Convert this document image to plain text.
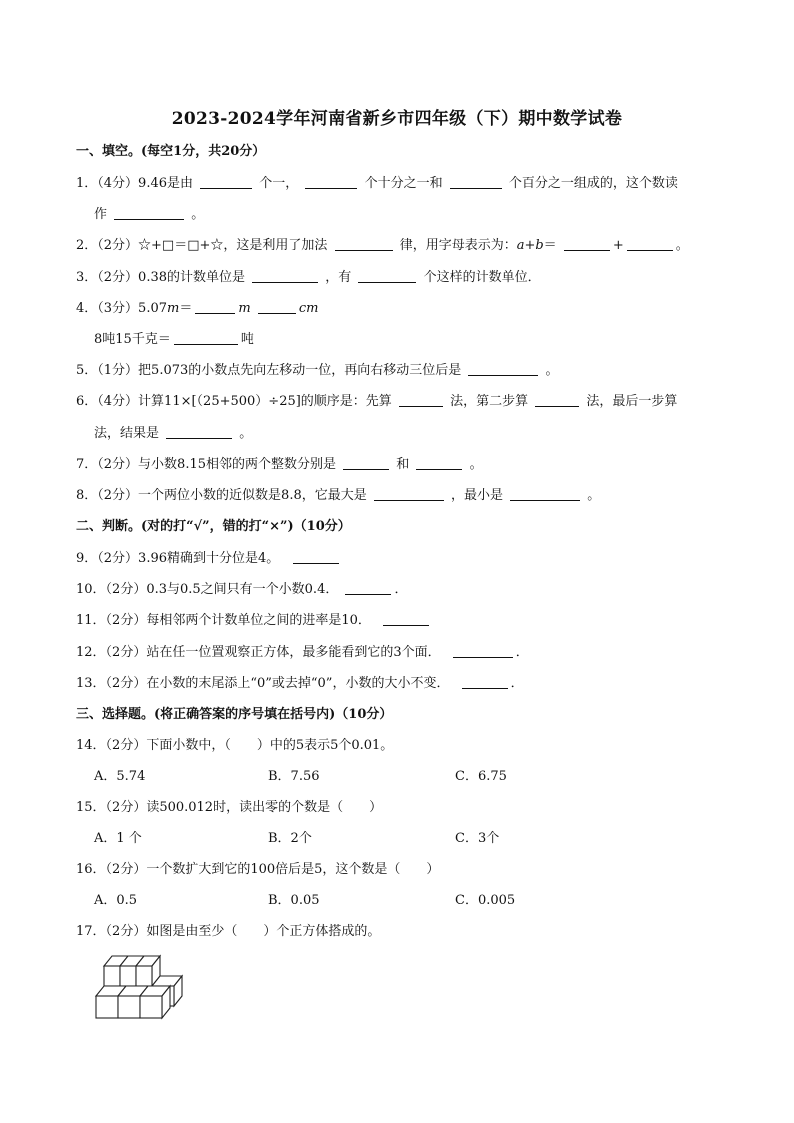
2023-2024学年河南省新乡市四年级（下）期中数学试卷
一、填空。(每空1分，共20分）
1．（4分）9.46是由	个一，	个十分之一和	个百分之一组成的，这个数读
作	。
2．（2分）☆+□＝□+☆，这是利用了加法	律，用字母表示为：a+b＝	+	。
3．（2分）0.38的计数单位是	，有	个这样的计数单位．
4．（3分）5.07m＝	m	cm
8吨15千克＝	吨
5．（1分）把5.073的小数点先向左移动一位，再向右移动三位后是	。
6．（4分）计算11×[（25+500）÷25]的顺序是：先算	法，第二步算	法，最后一步算
法，结果是	。
7．（2分）与小数8.15相邻的两个整数分别是	和	。
8．（2分）一个两位小数的近似数是8.8，它最大是	，最小是	。
二、判断。(对的打“√”，错的打“×”)（10分）
9．（2分）3.96精确到十分位是4。
10．（2分）0.3与0.5之间只有一个小数0.4．	．
11．（2分）每相邻两个计数单位之间的进率是10．
12．（2分）站在任一位置观察正方体，最多能看到它的3个面．	．
13．（2分）在小数的末尾添上“0”或去掉“0”，小数的大小不变．	．
三、选择题。(将正确答案的序号填在括号内)（10分）
14．（2分）下面小数中，（　　）中的5表示5个0.01。
A．5.74	B．7.56	C．6.75
15．（2分）读500.012时，读出零的个数是（　　）
A．1 个	B．2个	C．3个
16．（2分）一个数扩大到它的100倍后是5，这个数是（　　）
A．0.5	B．0.05	C．0.005
17．（2分）如图是由至少（　　）个正方体搭成的。
